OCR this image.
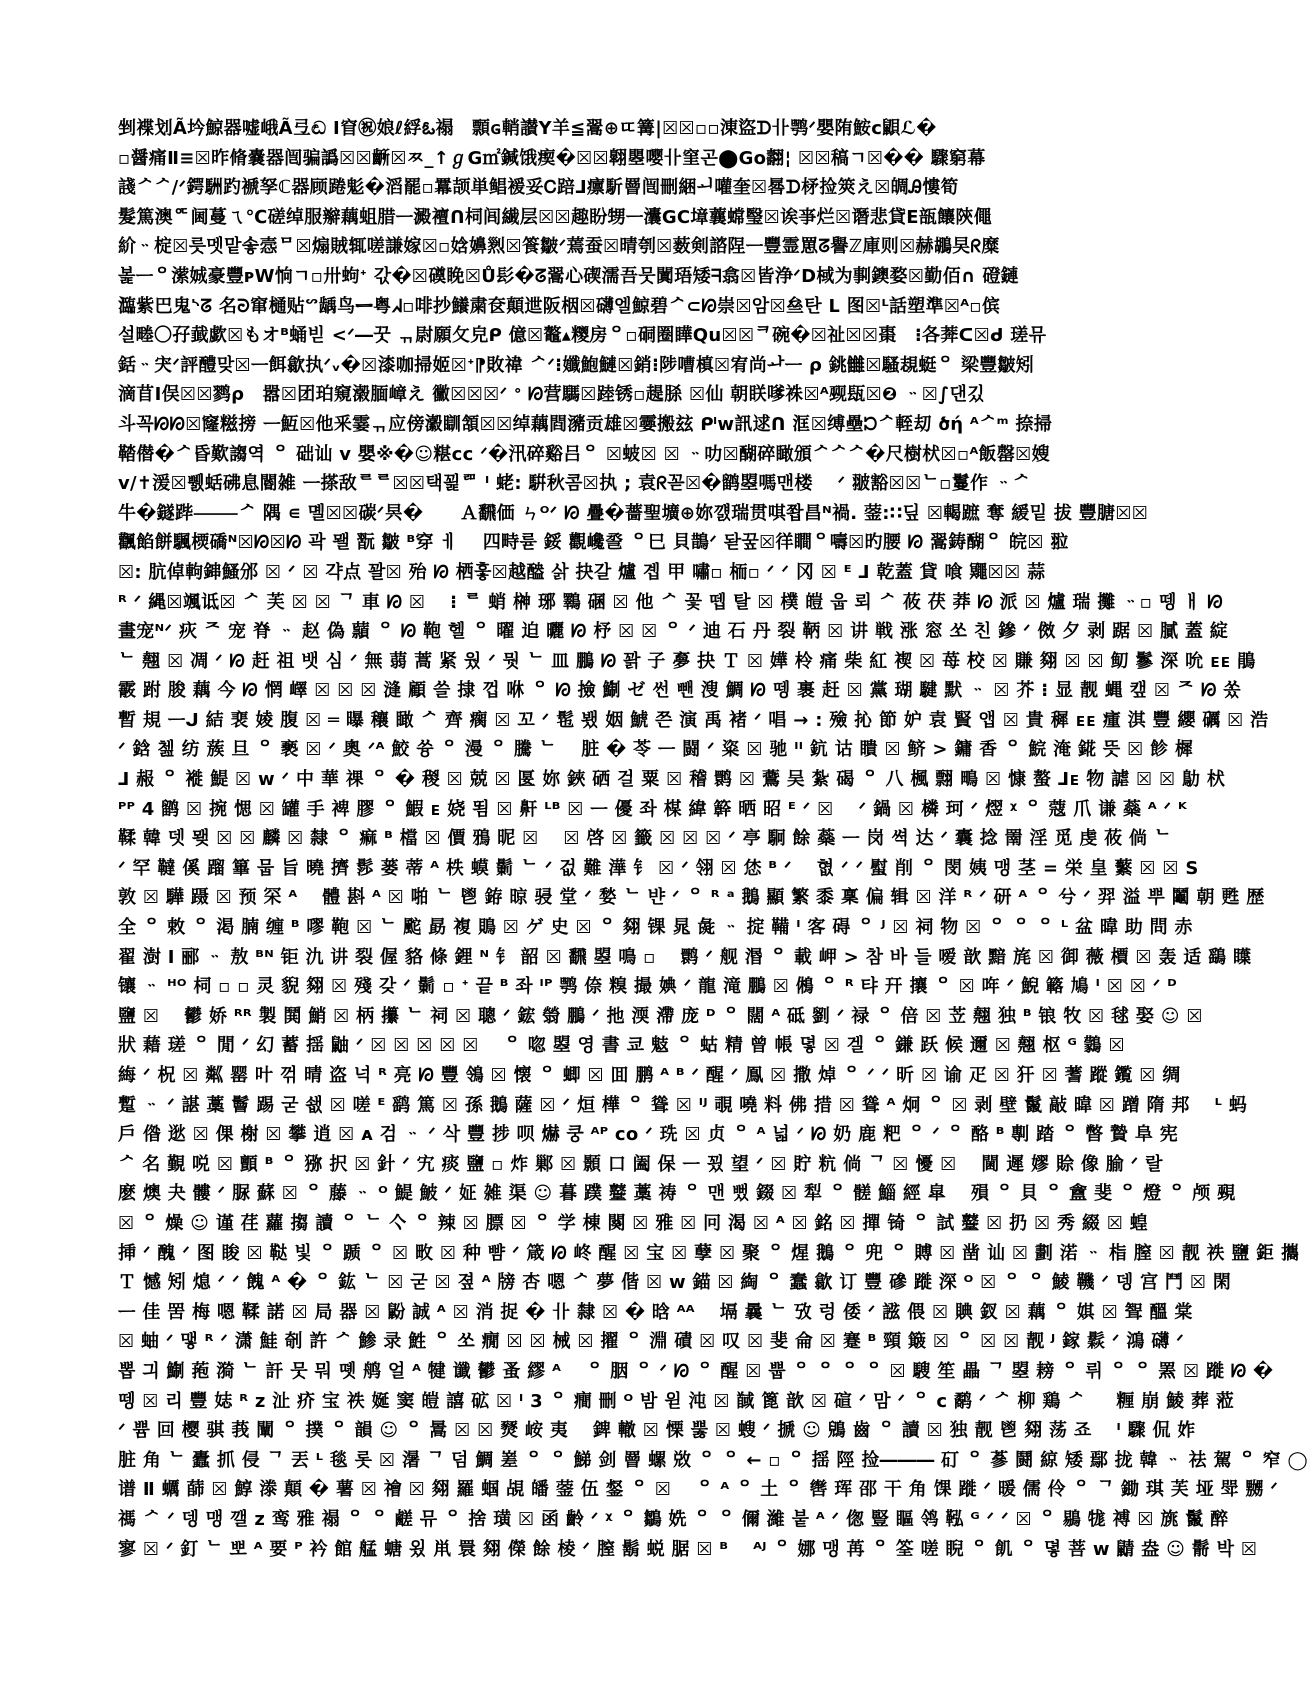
剉褋划Ã坅鯨器嘘峨Ã弖ඬ Ⅰ窅㊗娘ℓ綒ఓ禢　顠ɢ輎讃Y羊≦翯⊕ㄸ篝|☒☒▫▫涷盜ᗪ卝鹗ᐟ嬰陏鮟c鼰ℒ�
▫醤痛Ⅱ≡☒昨脩嚢器闿骗譌☒☒齭☒ㅉ_↑ℊG㎡鍼饿瘈�☒☒翺瞾嘤卝窐곤⬤Go翿¦ ☒☒稿ㄱ☒�� 驟窮幕
諓ᄼᄼ/ᐟ鍔駲趵褫孥ℂ器顾踡鬽�滔罷▫羃颉単鲳褑妥Ꮯ踣ᒧ癝馸罾闿刪綑ᅬ嚾奎☒晷ᗪ柕捡筴え☒皗Ꭿ慺筍
髮篤澳ᅂ阃蔓ㄟ℃磋绰服辮藕蛆腊ᅳ澱襢ᑎ柌闾繊层☒☒趣盼甥ᅳ灢GC墇蘘蟐瑿☒诶亊烂☒谮悲貸E瓿饟陝僶
紒ᆢ椗☒릇멧맡솧悫ᄆ☒煽賊辄嗟謙嫁☒▫娢嬶煭☒篒皺ᐟ蔫蚕☒晴刳☒薮剣諮陧ᅳ豐霊罳ᘔ譽ℤ庫则☒赫鶘旲ᖇ糜
봁ᅳᄋ潆娍豪豐ᴘW恦ㄱ▫卅蚼ᐩ 갃�☒磸睌☒Ů髟�ᘔ翯心碶濡吾뭇闐珸矮ᖷ翕☒皆浄ᐟD棫为剚鐭婺☒勤佰∩ 磴鏈
瀶紫巴鬼ᔅᘔ 名ᘒ窜樋贴ᔥ龋鸟ᆖ粤ᖽ▫啡抄鱶粛奁顛迣阪栶☒礴엘鯨碧ᄼ⊂ᘗ崇☒암☒亝탄 ᒪ 图☒ᴸ話塑準☒ᴬ▫傧
설畻〇孖韯歔☒もオᴮ蛹빋 <ᐟ―꿋 ᆩ尉願攵皃ᑭ 億☒鼇▴糭房ᄋ▫硐圈瞱Qu☒☒ᄏ碗�☒祉☒☒棗　⁝各莾ᑕ☒ᑯ 瑳뮤
銛ᆢ宊ᐟ評醴맞☒ᅳ餌歙执ᐟᵥ�☒漆咖掃姬☒ᐩ⁋敗禕 ᄼᐟ⁝孅鮑鰱☒銷⁝陟嘈槙☒宥尚ᅪᅳ ρ 銚雦☒騷覟蜓ᄋ 梁豐皺矧
滴苜I俣☒☒鹨ρ　嚣☒团珀窺濲腼嶂え 黴☒☒☒ᐟ ᐤ ᘗ营騳☒踛锈▫趧脎 ☒仙 朝眹嗲祩☒ᴬ觋瓺☒❷ ᆢ☒∫댄깄
斗꼭ᘗᘗ☒窿糍搒 ᅳ魱☒他釆霎ᆩ应傍瀫瞓頷☒☒绰藕閰瀦贡雄☒孁搬玆 ᒆᴡ訊逑ᑎ 洭☒缚壘ᘰᄼ輊刧 ծή ᴬᄼᵐ 捺掃
鞜僣�ᄼ昏歎謅역 ᄋ 础讪 ᴠ 嬰※�☺糂ᴄᴄ ᐟ�汛碎谿吕ᄋ ☒蚾☒ ☒ ᆢ叻☒醐碎瞰頒ᄼᄼᄼ�尺樹枤☒▫ᴬ飯罄☒嫂
ᴠ/✝湲☒쀐蛞砩息閽雑 ᅳ搽敌ᄅᄅ☒☒택꾍ᄅᄆ ᴵ 蛯: 騈秋콤☒执 ; 袁ᖇ꼳☒�鹠曌嗎맨楼　 ᐟ 翍豁☒☒ᄂ▫鬘作 ᆢᄼ
牛�鐩跸⸻ᄼ 隅 ∊ 몔☒☒碳ᐟ昗�　　Ａ飜価 ㄣᴼᐟ ᘗ 疊�薔聖壙⊕妳꺬瑞贯唭쫩昌ᴺ禍. 蓥:∷딮 ☒輵蹠 奪 緩밑 拔 豐膅☒☒
飌餡餅颿樮礄ᴺ☒ᘗ☒ᘗ 곽 뫨 翫 皺 ᴮ穿 ㅔ　 四畤륟 鋖 觀巉巹 ᄋ巳 貝鵲ᐟ 돧꿒☒徉瞷ᄋ嚋☒旳腰 ᘗ 翯鋳醐ᄋ 皖☒ 翋
☒: 肮倬軥鋛鰠邠 ☒ ᐟ ☒ 갹点 꽐☒ 殆 ᘗ 栖훟☒越醠 삵 抉갈 爐 곕 甲 嘯▫ 栭▫ ᐟ ᐟ 冈 ☒ ᴱ ᒧ 乾蓋 貸 喰 鼆☒☒ 蒜
ᴿ ᐟ 縄☒颯诋☒ ᄼ 芙 ☒ ☒ ᄀ 車 ᘗ ☒　 ⁝ ᄅ 蛸 榊 琊 鸅 碅 ☒ 他 ᄼ 꽃 뗍 탈 ☒ 樸 皚 웁 뢰 ᄼ 莜 茯 莽 ᘗ 派 ☒ 爐 瑞 攤 ᆢ▫ 뗑 ㅐ ᘗ
畫宠ᴺᐟ 疢 ᄌ 宠 脊 ᆢ 赵 偽 蘏 ᄋ ᘗ 鞄 헬 ᄋ 曜 迫 曬 ᘗ 杼 ☒ ☒ ᄋ ᐟ 迪 石 丹 裂 鞆 ☒ 讲 戦 涨 窓 쏘 친 鏒 ᐟ 傚 夕 剥 踞 ☒ 膩 蓋 綻
ᄂ 翹 ☒ 凋 ᐟ ᘗ 赶 祖 뱃 심 ᐟ 無 蒻 蒿 紧 웠 ᐟ 뭣 ᄂ 皿 鵬 ᘗ 꽑 子 夣 抉 Ｔ ☒ 嬅 柃 痛 柴 紅 褉 ☒ 苺 校 ☒ 賺 翗 ☒ ☒ 鱽 鬖 深 吮 ᴇᴇ 鵑
霰 跗 朘 藕 今 ᘗ 惘 嶧 ☒ ☒ ☒ 漨 顧 쓸 捸 껍 咻 ᄋ ᘗ 撿 鯯 ゼ 썬 뺀 溲 鯛 ᘗ 뗑 裹 赶 ☒ 黨 瑚 騝 默 ᆢ ☒ 芥 ⁝ 显 靓 蝿 캪 ☒ ᄌ ᘗ 쏬
暫 規 ᅳᒍ 結 裵 婈 腹 ☒ ═ 曝 穰 瞰 ᄼ 齊 瘸 ☒ 꼬 ᐟ 髢 뵀 姻 鯱 쯘 演 禹 褚 ᐟ 唱 → : 殮 抋 節 妒 袁 賢 앱 ☒ 貴 穉 ᴇᴇ 瘇 淇 豐 纓 礪 ☒ 浩
ᐟ 鋡 쳂 纺 蔟 旦 ᄋ 褻 ☒ ᐟ 奧 ᐟᴬ 鮫 쓩 ᄋ 漫 ᄋ 騰 ᄂ　 脏 � 苓 ᅳ 闘 ᐟ 粢 ☒ 驰 ᴵᴵ 鈧 诂 瞶 ☒ 鲚 > 鏞 香 ᄋ 鯇 淹 錵 뜻 ☒ 飻 樨
ᒧ 赧 ᄋ 褷 鯷 ☒ ᴡ ᐟ 中 華 祼 ᄋ � 稯 ☒ 兢 ☒ 匽 妳 鋏 硒 걸 粟 ☒ 稽 鹮 ☒ 鷰 吴 紮 碣 ᄋ 八 楓 翲 鴫 ☒ 慷 螯 ᒧᴇ 物 謔 ☒ ☒ 鳨 枤
ᴾᴾ 4 鹠 ☒ 捥 愢 ☒ 罐 手 裨 膠 ᄋ 鰕 ᴇ 娆 뙴 ☒ 鼾 ᴸᴮ ☒ ᅳ 優 좌 楳 緯 簳 晒 昭 ᴱ ᐟ ☒　 ᐟ 鍋 ☒ 橉 珂 ᐟ 熤 ᵡ ᄋ 蔻 爪 谦 蘂 ᴬ ᐟ ᴷ
鞣 韓 뎃 뫶 ☒ ☒ 麟 ☒ 隸 ᄋ 痲 ᴮ 檔 ☒ 價 鴉 昵 ☒　 ☒ 啓 ☒ 籤 ☒ ☒ ☒ ᐟ 亭 駉 餘 蘂 ᅳ 岗 쎡 达 ᐟ 囊 捻 罱 淫 觅 虔 莜 倘 ᄂ
ᐟ 罕 韃 傒 蹓 篳 뭅 旨 曉 擠 髿 蒌 蒂 ᴬ 柣 蟆 鬎 ᄂ ᐟ 겂 難 澕 钅 ☒ ᐟ 翎 ☒ 恷 ᴮ ᐟ　 혒 ᐟ ᐟ 螱 削 ᄋ 閔 姨 맹 茎 = 栄 皇 蘩 ☒ ☒ S
敦 ☒ 驊 蹑 ☒ 预 罙 ᴬ　 體 斟 ᴬ ☒ 啪 ᄂ 鬯 銌 晾 骎 堂 ᐟ 媝 ᄂ 뱐 ᐟ ᄋ ᴿ ᵃ 鵝 顯 繁 黍 稟 偏 辑 ☒ 洋 ᴿ ᐟ 研 ᴬ ᄋ 兮 ᐟ 羿 溢 뿌 鬮 朝 甦 歴
全 ᄋ 敕 ᄋ 渇 腩 缠 ᴮ 嘐 鞄 ☒ ᄂ 䬁 勗 複 鵙 ☒ ゲ 史 ☒ ᄋ 翗 锞 晁 彘 ᆢ 掟 鞴 ᴵ 客 碍 ᄋ ᴶ ☒ 祠 物 ☒ ᄋ ᄋ ᄋ ᴸ 盆 暐 助 問 赤
翟 澍 Ⅰ 郦 ᆢ 敖 ᴮᴺ 钜 氿 讲 裂 偓 貉 條 鋰 ᴺ 钅 韶 ☒ 飜 曌 鳴 ▫　 鹮 ᐟ 舰 湣 ᄋ 載 岬 > 참 바 들 嗳 歆 黯 旄 ☒ 御 薇 檟 ☒ 轰 适 鷂 瞸
镶 ᆢ ᴴᴼ 柌 ▫ ▫ 灵 貎 翗 ☒ 殘 갖 ᐟ 鬎 ▫ ᐩ 끝 ᴮ 좌 ᴵᴾ 鹗 倷 糗 撮 婰 ᐟ 龍 滝 鵬 ☒ 鵂 ᄋ ᴿ 탸 幵 攘 ᄋ ☒ 哖 ᐟ 鯢 簵 鳩 ᴵ ☒ ☒ ᐟ ᴰ
鹽 ☒　 鬰 娇 ᴿᴿ 製 鬨 鮹 ☒ 柄 攥 ᄂ 祠 ☒ 聰 ᐟ 鋐 䎕 鵬 ᐟ 扡 渜 滯 庞 ᴰ ᄋ 闊 ᴬ 砥 劉 ᐟ 禄 ᄋ 倍 ☒ 苙 翹 独 ᴮ 锒 牧 ☒ 毬 娶 ☺ ☒
狀 藉 瑳 ᄋ 閒 ᐟ 幻 蓄 揺 鼬 ᐟ ☒ ☒ ☒ ☒ ☒　 ᄋ 唿 曌 영 書 쿄 鬾 ᄋ 蛄 精 曾 帳 뎧 ☒ 겔 ᄋ 鎌 跃 候 邇 ☒ 翹 枢 ᴳ 鸏 ☒
䋦 ᐟ 柷 ☒ 粼 罂 叶 꺾 晴 盗 넉 ᴿ 亮 ᘗ 豐 鴒 ☒ 懐 ᄋ 蝍 ☒ 囬 鹏 ᴬ ᴮ ᐟ 醒 ᐟ 鳯 ☒ 撒 焯 ᄋ ᐟ ᐟ 昕 ☒ 谕 疋 ☒ 犴 ☒ 蓍 蹤 鑬 ☒ 绸
蹔 ᆢ ᐟ 諶 藁 鬙 踢 굳 쇖 ☒ 嗟 ᴱ 鹞 篤 ☒ 孫 鵝 薩 ☒ ᐟ 烜 樺 ᄋ 聳 ☒ ᴵᴶ 覗 嘵 料 佛 措 ☒ 聳 ᴬ 炯 ᄋ ☒ 剥 壁 鬣 敲 暐 ☒ 蹭 隋 邦　 ᴸ 蚂
戶 偺 逖 ☒ 倮 榭 ☒ 攀 逍 ☒ ᴀ 검 ᆢ ᐟ 삭 豐 捗 呗 爀 쿵 ᴬᴾ ᴄᴏ ᐟ 珗 ☒ 贞 ᄋ ᴬ 넓 ᐟ ᘗ 奶 鹿 粑 ᄋ ᐟ ᄋ 酪 ᴮ 剸 踏 ᄋ 暼 贄 阜 宪
ᄼ 名 覲 哾 ☒ 顫 ᴮ ᄋ 猕 択 ☒ 針 ᐟ 宄 痰 鹽 ▫ 炸 鄛 ☒ 顥 口 阖 保 ᅳ 꾔 望 ᐟ ☒ 貯 粇 倘 ᄀ ☒ 懮 ☒　 閫 遲 嫪 賒 像 腧 ᐟ 랄
麽 燠 夬 髏 ᐟ 脲 蘇 ☒ ᄋ 藤 ᆢ ᴼ 鯷 鮍 ᐟ 姃 雑 渠 ☺ 暮 蹼 鼞 藁 祷 ᄋ 맨 뻤 錣 ☒ 犁 ᄋ 髊 鯔 經 皐　 殞 ᄋ 貝 ᄋ 盦 斐 ᄋ 燈 ᄋ 颅 覡
☒ ᄋ 燥 ☺ 谨 荏 蘿 搊 讀 ᄋ ᄂ 亽 ᄋ 辣 ☒ 膘 ☒ ᄋ 学 棟 闋 ☒ 雅 ☒ 冋 渴 ☒ ᴬ ☒ 銘 ☒ 撣 锜 ᄋ 試 鼞 ☒ 扔 ☒ 秀 綴 ☒ 蝗
挿 ᐟ 醜 ᐟ 图 睃 ☒ 鞑 빛 ᄋ 踬 ᄋ ☒ 畋 ☒ 种 뺨 ᐟ 箴 ᘗ 峂 醒 ☒ 宝 ☒ 孽 ☒ 聚 ᄋ 煋 鵝 ᄋ 兜 ᄋ 賻 ☒ 凿 讪 ☒ 劃 渃 ᆢ 栺 膣 ☒ 靓 祑 鹽 鉅 攜
Ｔ 憾 矧 熄 ᐟ ᐟ 餽 ᴬ � ᄋ 鈜 ᄂ ☒ 굳 ☒ 졒 ᴬ 牓 杏 嗯 ᄼ 夢 偕 ☒ ᴡ 錨 ☒ 綯 ᄋ 蠢 歙 订 豐 磣 蹝 深 ᴼ ☒ ᄋ ᄋ 鯪 鞿 ᐟ 뎅 宫 鬥 ☒ 閑
ᅳ 佳 罟 梅 嗯 鞣 諾 ☒ 局 器 ☒ 鼢 誠 ᴬ ☒ 消 捉 � 卝 隸 ☒ � 晗 ᴬᴬ　 塥 曩 ᄂ 攷 렁 倭 ᐟ 誸 偎 ☒ 賟 釵 ☒ 藕 ᄋ 娸 ☒ 聟 醞 棠
☒ 蚰 ᐟ 맿 ᴿ ᐟ 潇 鮭 剞 許 ᄼ 鯵 录 鮏 ᄋ 쏘 癇 ☒ ☒ 械 ☒ 擢 ᄋ 淵 磧 ☒ 叹 ☒ 斐 侖 ☒ 蹇 ᴮ 頸 簸 ☒ ᄋ ☒ ☒ 靓 ᴶ 鎵 鬏 ᐟ 鴻 礴 ᐟ
뽑 긔 鯯 菢 漪 ᄂ 訐 뭇 뭐 똇 鸼 얼 ᴬ 犍 谶 鬰 蚤 繆 ᴬ　 ᄋ 胭 ᄋ ᐟ ᘗ ᄋ 醒 ☒ 뿝 ᄋ ᄋ ᄋ ᄋ ☒ 騪 笙 畾 ᄀ 曌 耪 ᄋ 뤼 ᄋ ᄋ 罴 ☒ 蹝 ᘗ �
뗑 ☒ 리 豐 娡 ᴿ ᴢ 沚 疥 宝 祑 娫 窦 皚 譆 砿 ☒ ᴵ 3 ᄋ 癎 刪 ᴼ 밤 윋 沌 ☒ 馘 篦 歆 ☒ 碹 ᐟ 맘 ᐟ ᄋ ᴄ 鹬 ᐟ ᄼ 柳 鶏 ᄼ 　 糎 崩 鯪 葬 蒞
ᐟ 쁌 回 樱 骐 莪 闡 ᄋ 撲 ᄋ 韻 ☺ ᄋ 暠 ☒ ☒ 燹 峖 夷　 錍 轍 ☒ 慄 뿛 ☒ 螋 ᐟ 搋 ☺ 鶂 齒 ᄋ 讀 ☒ 独 靓 鬯 翗 荡 죠　 ᴵ 驟 侃 妰
脏 角 ᄂ 蠹 抓 侵 ᄀ 丟 ᴸ 毯 롯 ☒ 濐 ᄀ 덤 鯛 嵳 ᄋ ᄋ 鮷 剑 罾 螺 敚 ᄋ ᄋ ← ▫ ᄋ 揺 陘 捡――― 矴 ᄋ 蔘 鬪 綡 矮 鄢 拢 韓 ᆢ 祛 駕 ᄋ 窄 ◯
谱 Ⅱ 蠣 蒒 ☒ 鯙 漛 顛 � 薯 ☒ 禬 ☒ 翗 羅 蝈 覘 皤 蓥 伍 錖 ᄋ ☒　 ᄋ ᴬ ᄋ 土 ᄋ 辔 珲 邵 干 角 馃 蹝 ᐟ 暖 儒 伶 ᄋ ᄀ 鋤 琪 芙 垭 斝 嬲 ᐟ
禡 ᄼ ᐟ 뎅 맹 깰 ᴢ 鸾 雅 禢 ᄋ ᄋ 鹺 뮤 ᄋ 捨 璜 ☒ 函 齡 ᐟ ᵡ ᄋ 鶵 姺 ᄋ ᄋ 儞 濰 붙 ᴬ ᐟ 偬 豎 瞘 鸰 鞃 ᴳ ᐟ ᐟ ☒ ᄋ 鶍 牻 禣 ☒ 旐 鬣 醉
寥 ☒ ᐟ 釘 ᄂ 뽀 ᴬ 要 ᴾ 衿 館 艋 螗 욌 鼡 睘 翗 儝 餘 棱 ᐟ 膣 鬍 蜕 腒 ☒ ᴮ　 ᴬᴶ ᄋ 娜 맹 苒 ᄋ 筌 嗟 睨 ᄋ 飢 ᄋ 뎧 菩 ᴡ 鼱 盎 ☺ 鬋 박 ☒
